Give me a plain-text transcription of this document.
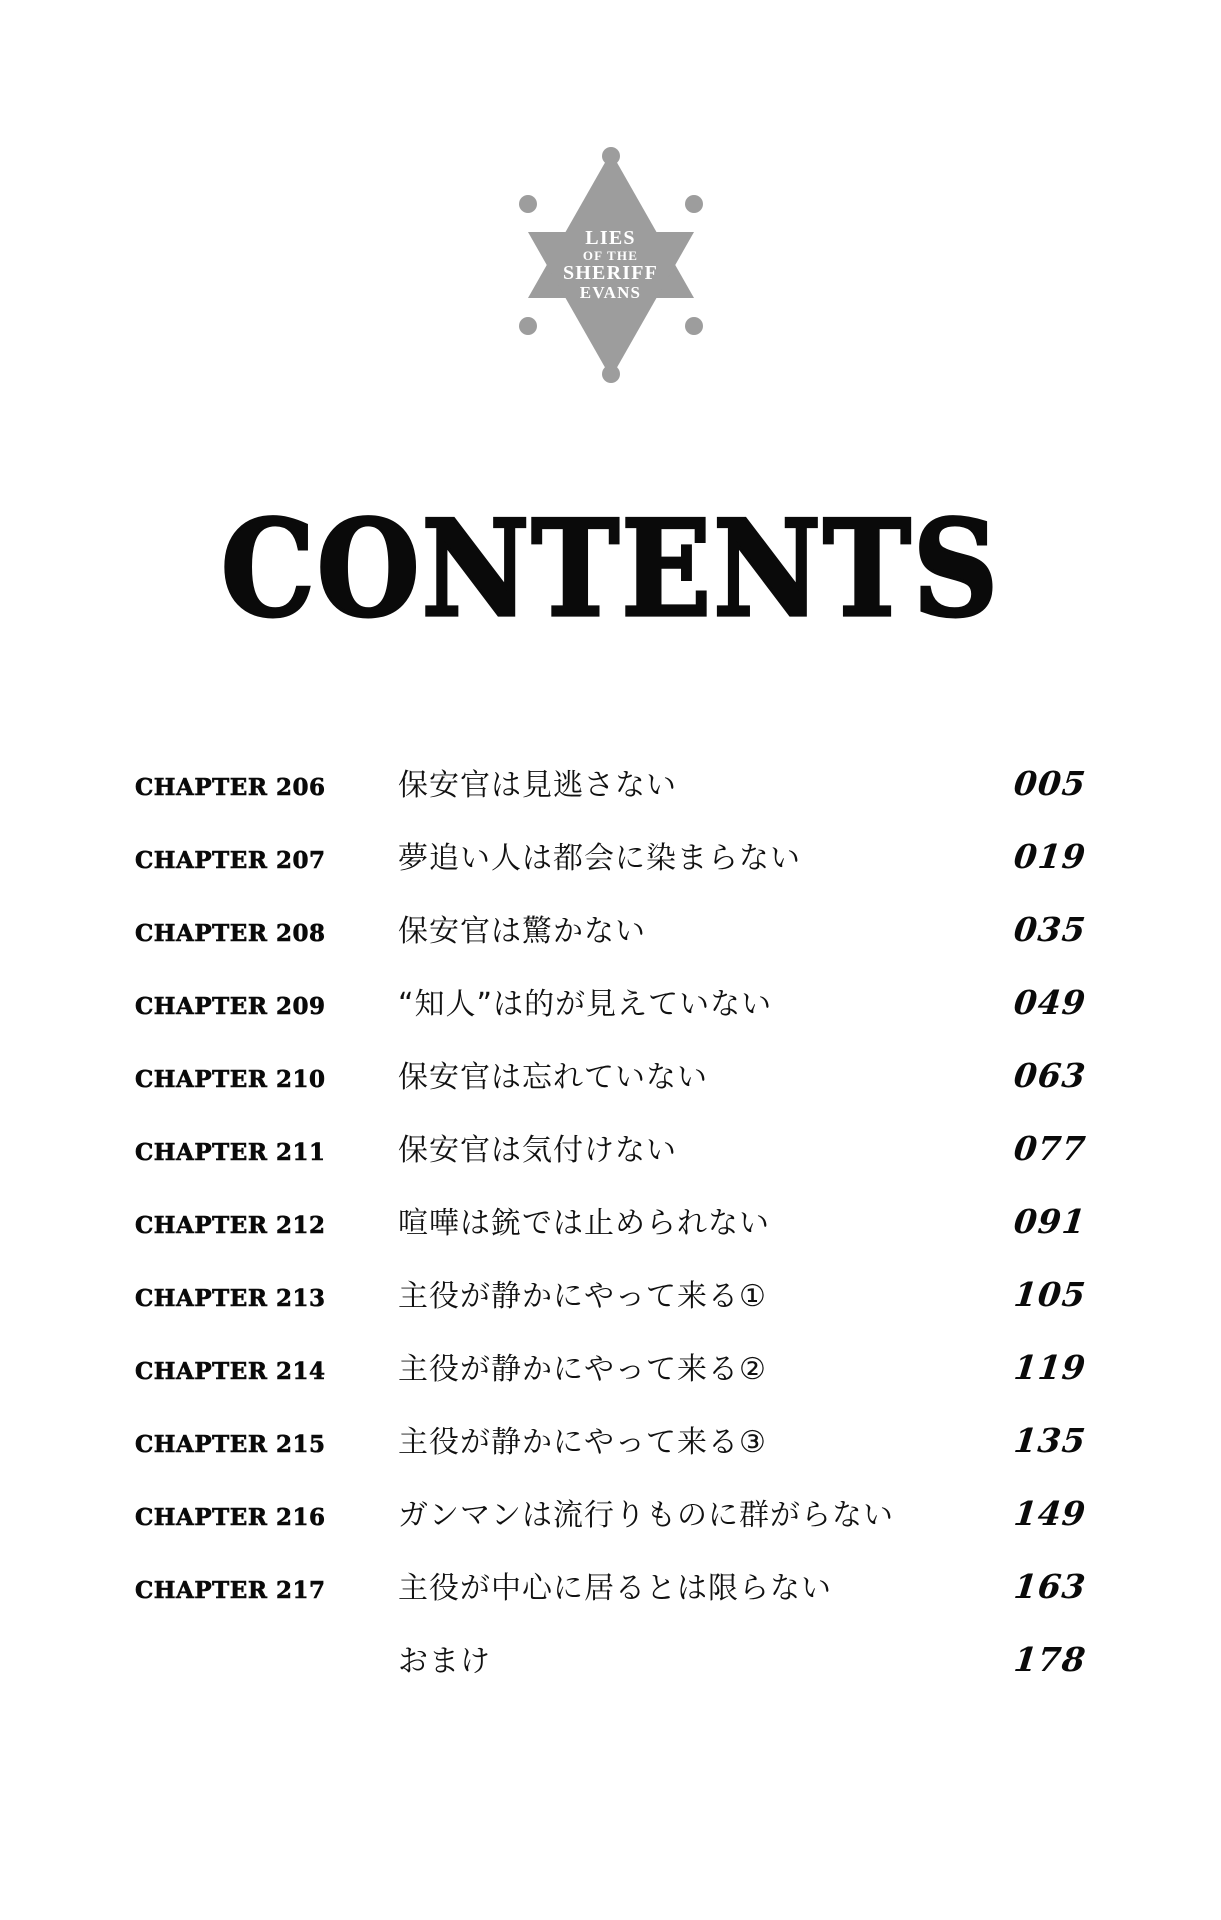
LIES
OF THE
SHERIFF
EVANS
CONTENTS
CHAPTER 206	保安官は見逃さない	005
CHAPTER 207	夢追い人は都会に染まらない	019
CHAPTER 208	保安官は驚かない	035
CHAPTER 209	“知人”は的が見えていない	049
CHAPTER 210	保安官は忘れていない	063
CHAPTER 211	保安官は気付けない	077
CHAPTER 212	喧嘩は銃では止められない	091
CHAPTER 213	主役が静かにやって来る①	105
CHAPTER 214	主役が静かにやって来る②	119
CHAPTER 215	主役が静かにやって来る③	135
CHAPTER 216	ガンマンは流行りものに群がらない	149
CHAPTER 217	主役が中心に居るとは限らない	163
おまけ	178
